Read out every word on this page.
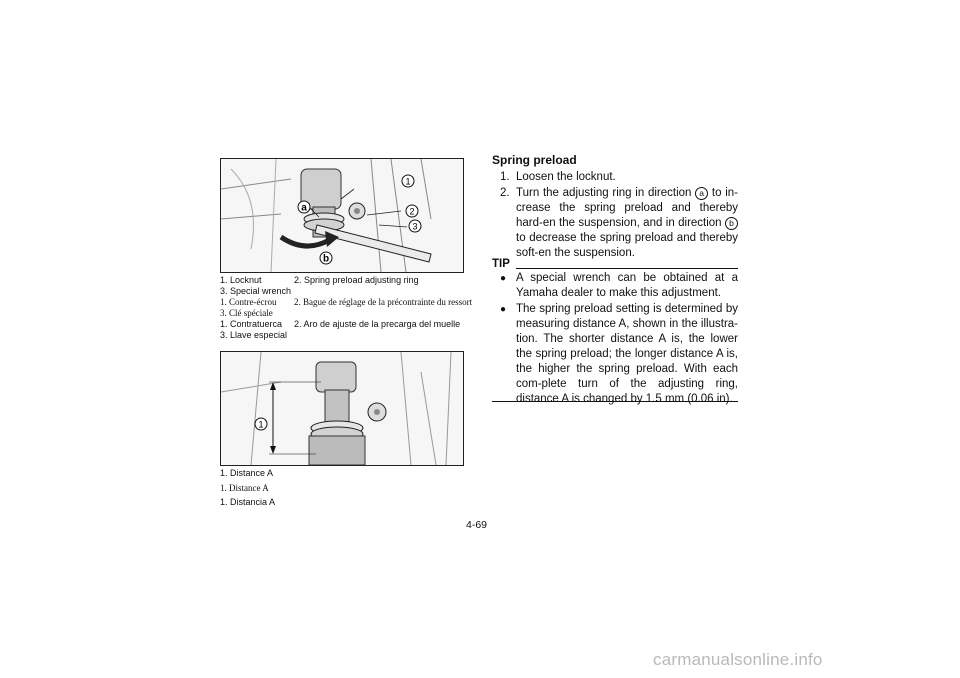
1
2
3
a
b
1. Locknut	2. Spring preload adjusting ring
3. Special wrench
1. Contre-écrou 2. Bague de réglage de la précontrainte du ressort
3. Clé spéciale
1. Contratuerca 2. Aro de ajuste de la precarga del muelle
3. Llave especial
1
1. Distance A
1. Distance A
1. Distancia A
Spring preload
1. Loosen the locknut.
2. Turn the adjusting ring in direction a to in-crease the spring preload and thereby hard-en the suspension, and in direction b to decrease the spring preload and thereby soft-en the suspension.
TIP
● A special wrench can be obtained at a Yamaha dealer to make this adjustment.
● The spring preload setting is determined by measuring distance A, shown in the illustra-tion. The shorter distance A is, the lower the spring preload; the longer distance A is, the higher the spring preload. With each com-plete turn of the adjusting ring, distance A is changed by 1.5 mm (0.06 in).
4-69
carmanualsonline.info
